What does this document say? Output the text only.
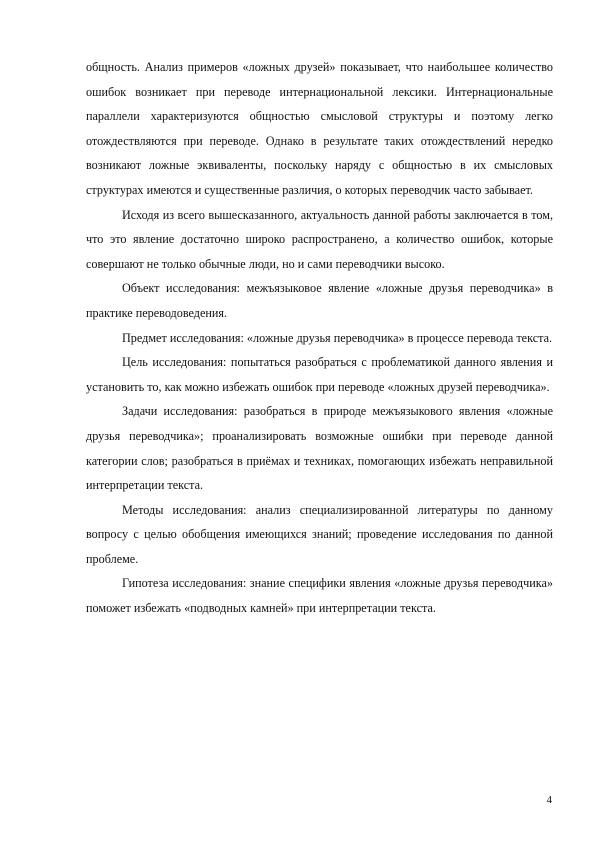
общность. Анализ примеров «ложных друзей» показывает, что наибольшее количество ошибок возникает при переводе интернациональной лексики. Интернациональные параллели характеризуются общностью смысловой структуры и поэтому легко отождествляются при переводе. Однако в результате таких отождествлений нередко возникают ложные эквиваленты, поскольку наряду с общностью в их смысловых структурах имеются и существенные различия, о которых переводчик часто забывает.

Исходя из всего вышесказанного, актуальность данной работы заключается в том, что это явление достаточно широко распространено, а количество ошибок, которые совершают не только обычные люди, но и сами переводчики высоко.

Объект исследования: межъязыковое явление «ложные друзья переводчика» в практике переводоведения.

Предмет исследования: «ложные друзья переводчика» в процессе перевода текста.

Цель исследования: попытаться разобраться с проблематикой данного явления и установить то, как можно избежать ошибок при переводе «ложных друзей переводчика».

Задачи исследования: разобраться в природе межъязыкового явления «ложные друзья переводчика»; проанализировать возможные ошибки при переводе данной категории слов; разобраться в приёмах и техниках, помогающих избежать неправильной интерпретации текста.

Методы исследования: анализ специализированной литературы по данному вопросу с целью обобщения имеющихся знаний; проведение исследования по данной проблеме.

Гипотеза исследования: знание специфики явления «ложные друзья переводчика» поможет избежать «подводных камней» при интерпретации текста.

4
